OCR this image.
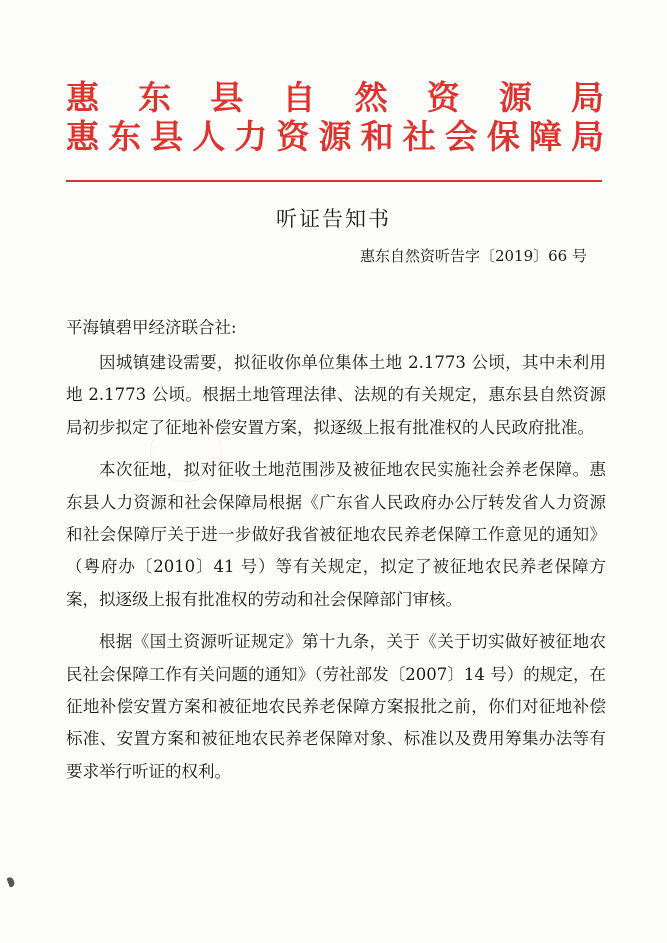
惠 东 县 自 然 资 源 局
惠东县人力资源和社会保障局
听证告知书
惠东自然资听告字〔2019〕66 号
平海镇碧甲经济联合社:

因城镇建设需要，拟征收你单位集体土地 2.1773 公顷，其中未利用地 2.1773 公顷。根据土地管理法律、法规的有关规定，惠东县自然资源局初步拟定了征地补偿安置方案，拟逐级上报有批准权的人民政府批准。

本次征地，拟对征收土地范围涉及被征地农民实施社会养老保障。惠东县人力资源和社会保障局根据《广东省人民政府办公厅转发省人力资源和社会保障厅关于进一步做好我省被征地农民养老保障工作意见的通知》（粤府办〔2010〕41 号）等有关规定，拟定了被征地农民养老保障方案，拟逐级上报有批准权的劳动和社会保障部门审核。

根据《国土资源听证规定》第十九条，关于《关于切实做好被征地农民社会保障工作有关问题的通知》（劳社部发〔2007〕14 号）的规定，在征地补偿安置方案和被征地农民养老保障方案报批之前，你们对征地补偿标准、安置方案和被征地农民养老保障对象、标准以及费用筹集办法等有要求举行听证的权利。
